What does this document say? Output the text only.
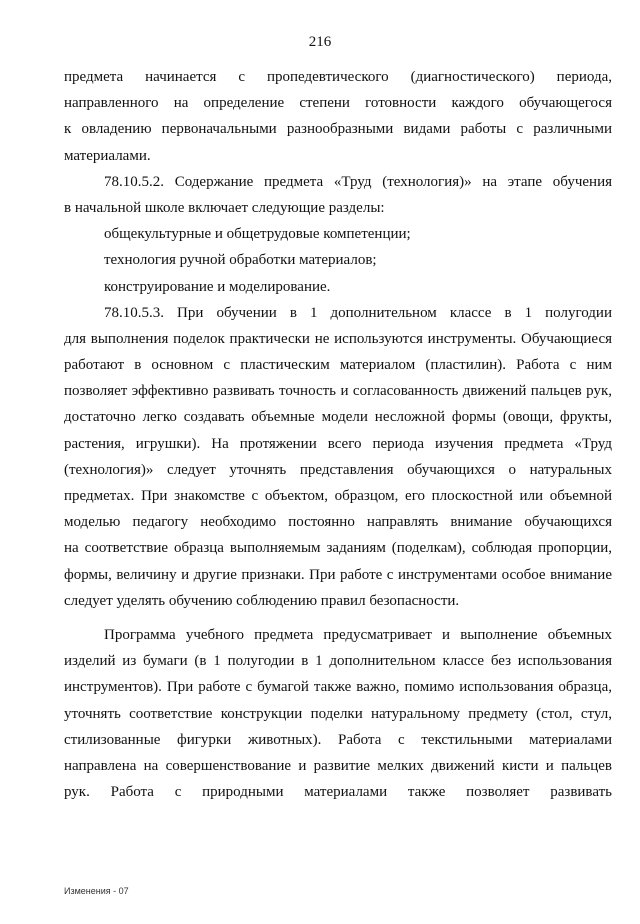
216
предмета начинается с пропедевтического (диагностического) периода,
направленного на определение степени готовности каждого обучающегося
к овладению первоначальными разнообразными видами работы с различными
материалами.
78.10.5.2. Содержание предмета «Труд (технология)» на этапе обучения
в начальной школе включает следующие разделы:
общекультурные и общетрудовые компетенции;
технология ручной обработки материалов;
конструирование и моделирование.
78.10.5.3. При обучении в 1 дополнительном классе в 1 полугодии
для выполнения поделок практически не используются инструменты. Обучающиеся
работают в основном с пластическим материалом (пластилин). Работа с ним
позволяет эффективно развивать точность и согласованность движений пальцев рук,
достаточно легко создавать объемные модели несложной формы (овощи, фрукты,
растения, игрушки). На протяжении всего периода изучения предмета «Труд
(технология)» следует уточнять представления обучающихся о натуральных
предметах. При знакомстве с объектом, образцом, его плоскостной или объемной
моделью педагогу необходимо постоянно направлять внимание обучающихся
на соответствие образца выполняемым заданиям (поделкам), соблюдая пропорции,
формы, величину и другие признаки. При работе с инструментами особое внимание
следует уделять обучению соблюдению правил безопасности.
Программа учебного предмета предусматривает и выполнение объемных
изделий из бумаги (в 1 полугодии в 1 дополнительном классе без использования
инструментов). При работе с бумагой также важно, помимо использования образца,
уточнять соответствие конструкции поделки натуральному предмету (стол, стул,
стилизованные фигурки животных). Работа с текстильными материалами
направлена на совершенствование и развитие мелких движений кисти и пальцев
рук. Работа с природными материалами также позволяет развивать
Изменения - 07
